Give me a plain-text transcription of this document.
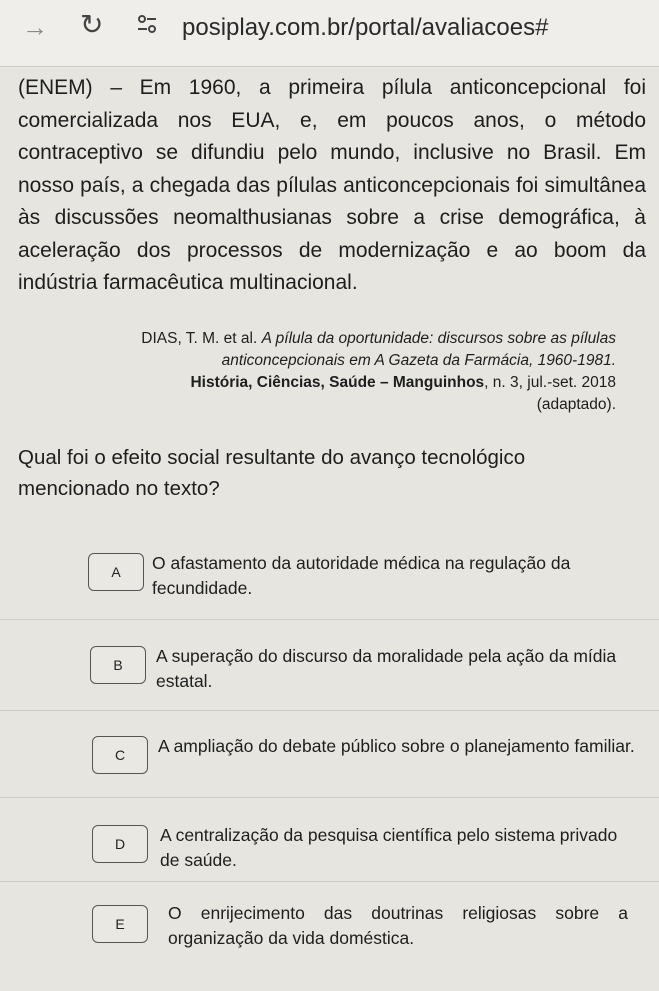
→ ↻	posiplay.com.br/portal/avaliacoes#

(ENEM) – Em 1960, a primeira pílula anticoncepcional foi comercializada nos EUA, e, em poucos anos, o método contraceptivo se difundiu pelo mundo, inclusive no Brasil. Em nosso país, a chegada das pílulas anticoncepcionais foi simultânea às discussões neomalthusianas sobre a crise demográfica, à aceleração dos processos de modernização e ao boom da indústria farmacêutica multinacional.

DIAS, T. M. et al. A pílula da oportunidade: discursos sobre as pílulas anticoncepcionais em A Gazeta da Farmácia, 1960-1981.
História, Ciências, Saúde – Manguinhos, n. 3, jul.-set. 2018
(adaptado).

Qual foi o efeito social resultante do avanço tecnológico mencionado no texto?

A	O afastamento da autoridade médica na regulação da fecundidade.
B	A superação do discurso da moralidade pela ação da mídia estatal.
C	A ampliação do debate público sobre o planejamento familiar.
D	A centralização da pesquisa científica pelo sistema privado de saúde.
E
O enrijecimento das doutrinas religiosas sobre a organização da vida doméstica.
